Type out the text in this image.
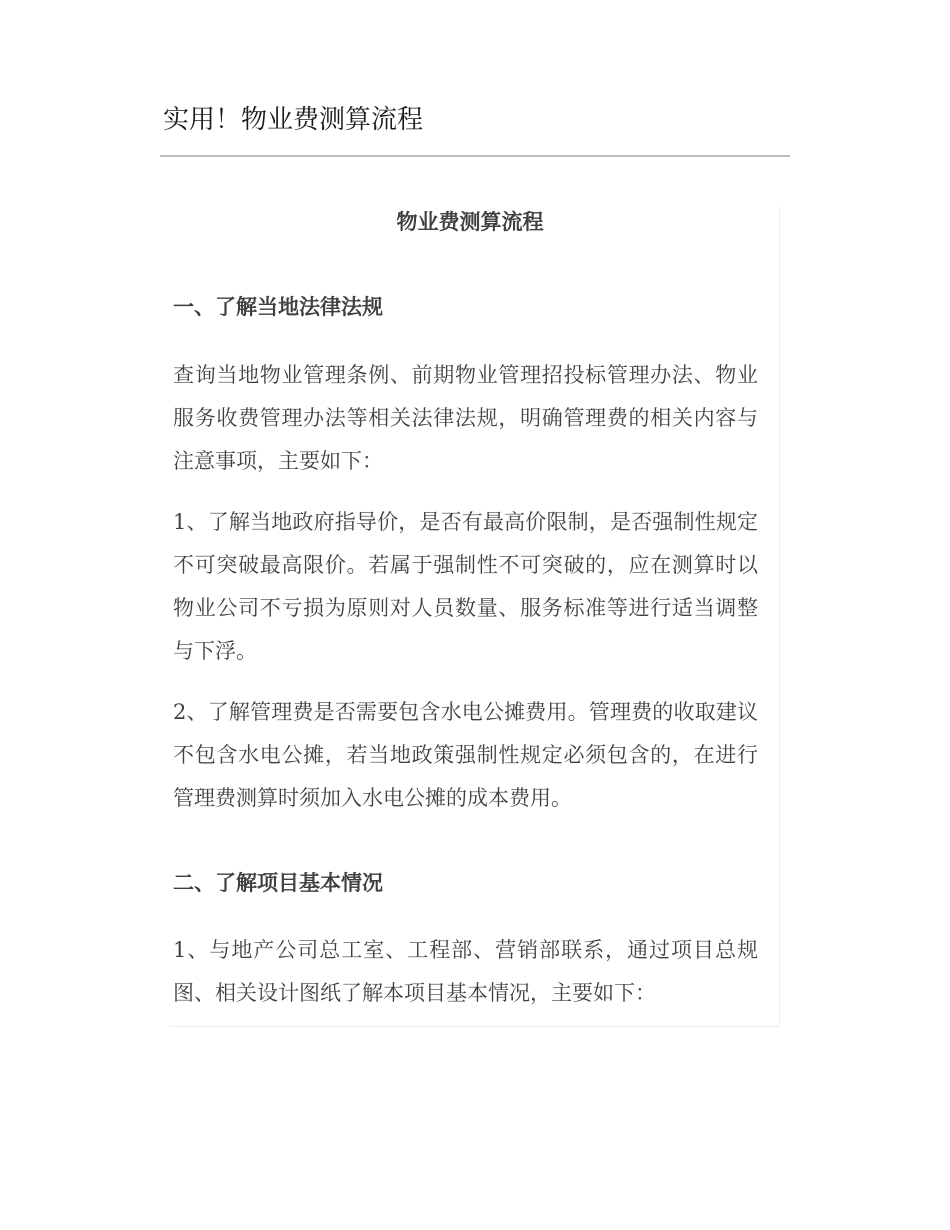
实用！物业费测算流程
物业费测算流程
一、了解当地法律法规

查询当地物业管理条例、前期物业管理招投标管理办法、物业服务收费管理办法等相关法律法规，明确管理费的相关内容与注意事项，主要如下：

1、了解当地政府指导价，是否有最高价限制，是否强制性规定不可突破最高限价。若属于强制性不可突破的，应在测算时以物业公司不亏损为原则对人员数量、服务标准等进行适当调整与下浮。

2、了解管理费是否需要包含水电公摊费用。管理费的收取建议不包含水电公摊，若当地政策强制性规定必须包含的，在进行管理费测算时须加入水电公摊的成本费用。

二、了解项目基本情况

1、与地产公司总工室、工程部、营销部联系，通过项目总规图、相关设计图纸了解本项目基本情况，主要如下：
